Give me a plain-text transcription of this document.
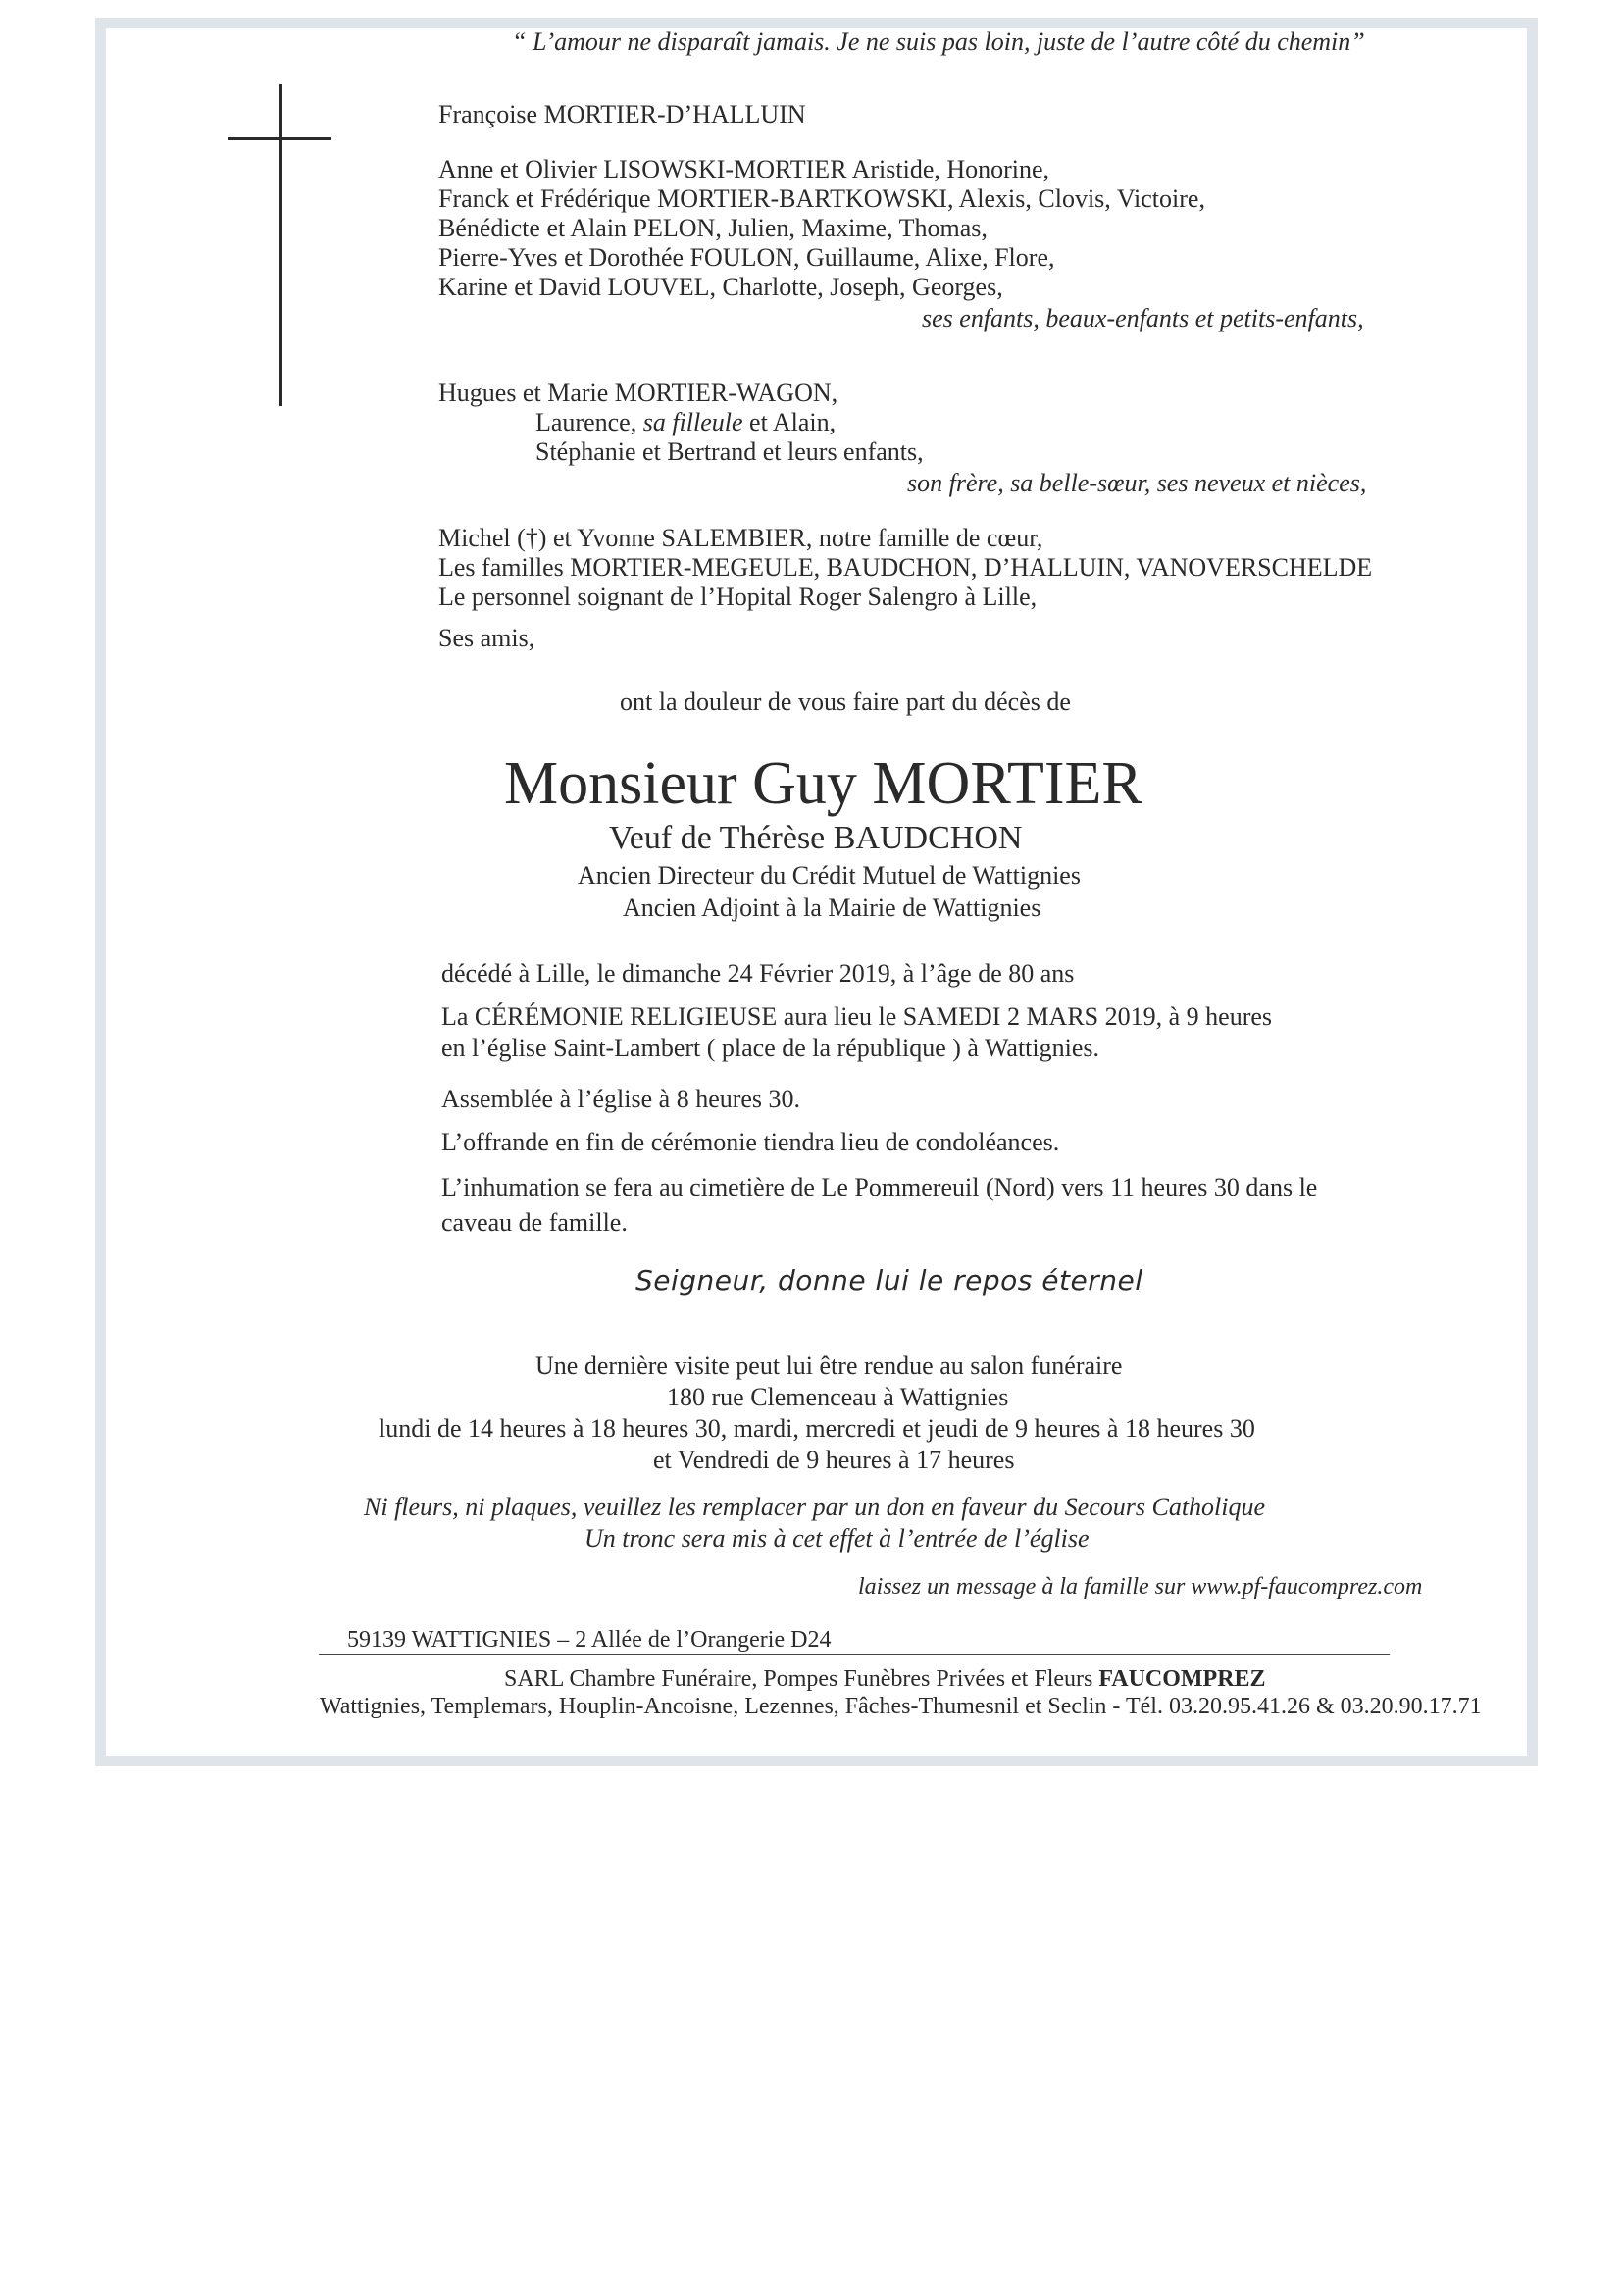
“ L’amour ne disparaît jamais. Je ne suis pas loin, juste de l’autre côté du chemin”
Françoise MORTIER-D’HALLUIN
Anne et Olivier LISOWSKI-MORTIER Aristide, Honorine,
Franck et Frédérique MORTIER-BARTKOWSKI, Alexis, Clovis, Victoire,
Bénédicte et Alain PELON, Julien, Maxime, Thomas,
Pierre-Yves et Dorothée FOULON, Guillaume, Alixe, Flore,
Karine et David LOUVEL, Charlotte, Joseph, Georges,
ses enfants, beaux-enfants et petits-enfants,
Hugues et Marie MORTIER-WAGON,
Laurence, sa filleule et Alain,
Stéphanie et Bertrand et leurs enfants,
son frère, sa belle-sœur, ses neveux et nièces,
Michel (†) et Yvonne SALEMBIER, notre famille de cœur,
Les familles MORTIER-MEGEULE, BAUDCHON, D’HALLUIN, VANOVERSCHELDE
Le personnel soignant de l’Hopital Roger Salengro à Lille,
Ses amis,
ont la douleur de vous faire part du décès de
Monsieur Guy MORTIER
Veuf de Thérèse BAUDCHON
Ancien Directeur du Crédit Mutuel de Wattignies
Ancien Adjoint à la Mairie de Wattignies
décédé à Lille, le dimanche 24 Février 2019, à l’âge de 80 ans
La CÉRÉMONIE RELIGIEUSE aura lieu le SAMEDI 2 MARS 2019, à 9 heures
en l’église Saint-Lambert ( place de la république ) à Wattignies.
Assemblée à l’église à 8 heures 30.
L’offrande en fin de cérémonie tiendra lieu de condoléances.
L’inhumation se fera au cimetière de Le Pommereuil (Nord) vers 11 heures 30 dans le
caveau de famille.
Seigneur, donne lui le repos éternel
Une dernière visite peut lui être rendue au salon funéraire
180 rue Clemenceau à Wattignies
lundi de 14 heures à 18 heures 30, mardi, mercredi et jeudi de 9 heures à 18 heures 30
et Vendredi de 9 heures à 17 heures
Ni fleurs, ni plaques, veuillez les remplacer par un don en faveur du Secours Catholique
Un tronc sera mis à cet effet à l’entrée de l’église
laissez un message à la famille sur www.pf-faucomprez.com
59139 WATTIGNIES – 2 Allée de l’Orangerie D24
SARL Chambre Funéraire, Pompes Funèbres Privées et Fleurs FAUCOMPREZ
Wattignies, Templemars, Houplin-Ancoisne, Lezennes, Fâches-Thumesnil et Seclin - Tél. 03.20.95.41.26 & 03.20.90.17.71
